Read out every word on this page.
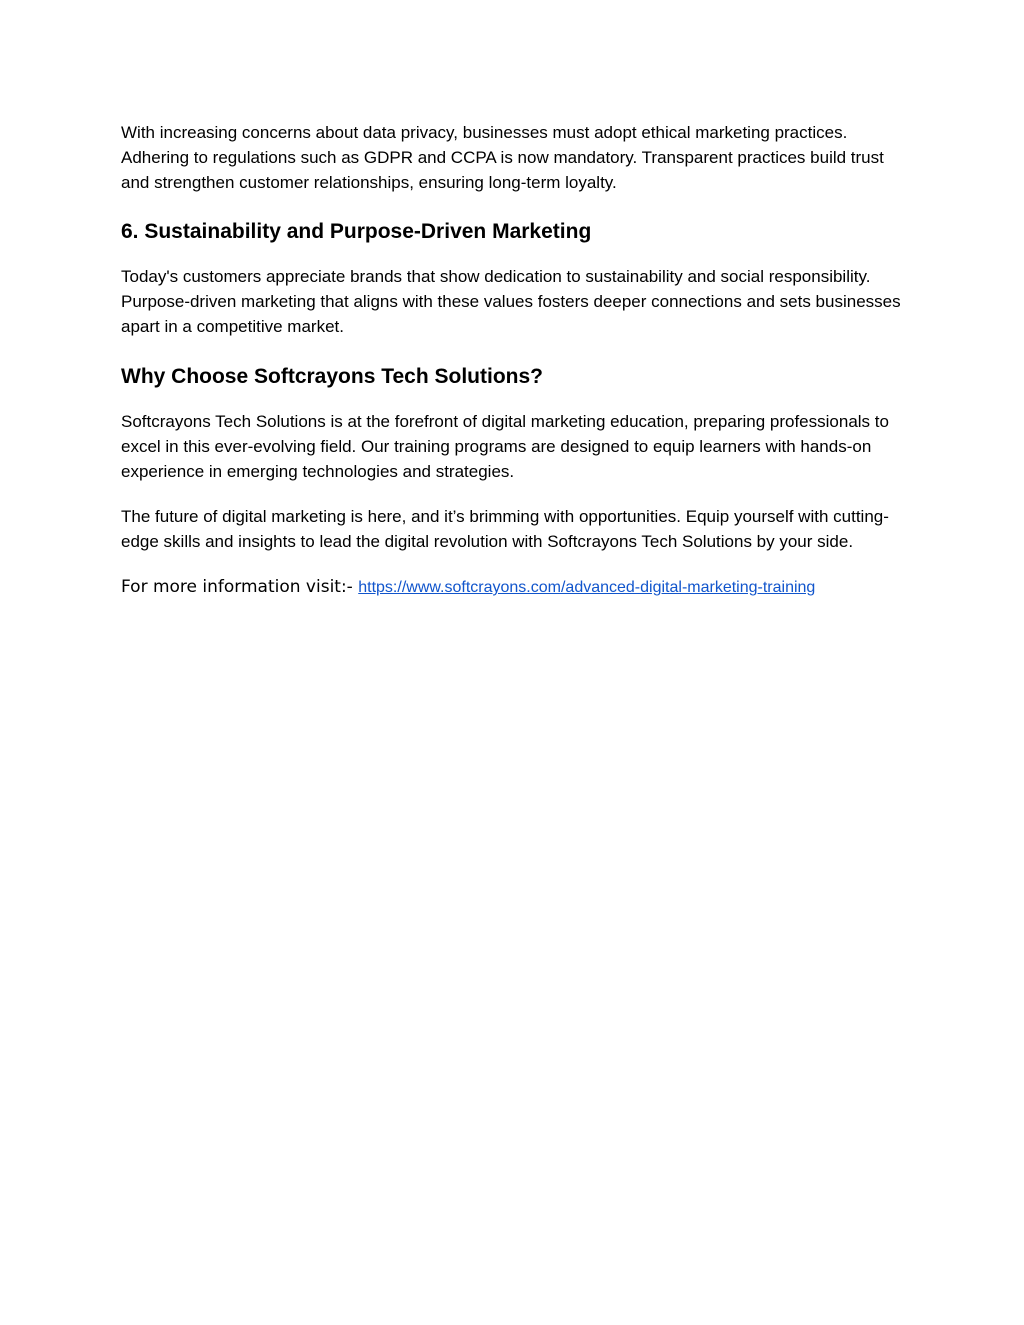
With increasing concerns about data privacy, businesses must adopt ethical marketing practices. Adhering to regulations such as GDPR and CCPA is now mandatory. Transparent practices build trust and strengthen customer relationships, ensuring long-term loyalty.

6. Sustainability and Purpose-Driven Marketing

Today's customers appreciate brands that show dedication to sustainability and social responsibility. Purpose-driven marketing that aligns with these values fosters deeper connections and sets businesses apart in a competitive market.

Why Choose Softcrayons Tech Solutions?

Softcrayons Tech Solutions is at the forefront of digital marketing education, preparing professionals to excel in this ever-evolving field. Our training programs are designed to equip learners with hands-on experience in emerging technologies and strategies.

The future of digital marketing is here, and it’s brimming with opportunities. Equip yourself with cutting-edge skills and insights to lead the digital revolution with Softcrayons Tech Solutions by your side.

For more information visit:- https://www.softcrayons.com/advanced-digital-marketing-training
